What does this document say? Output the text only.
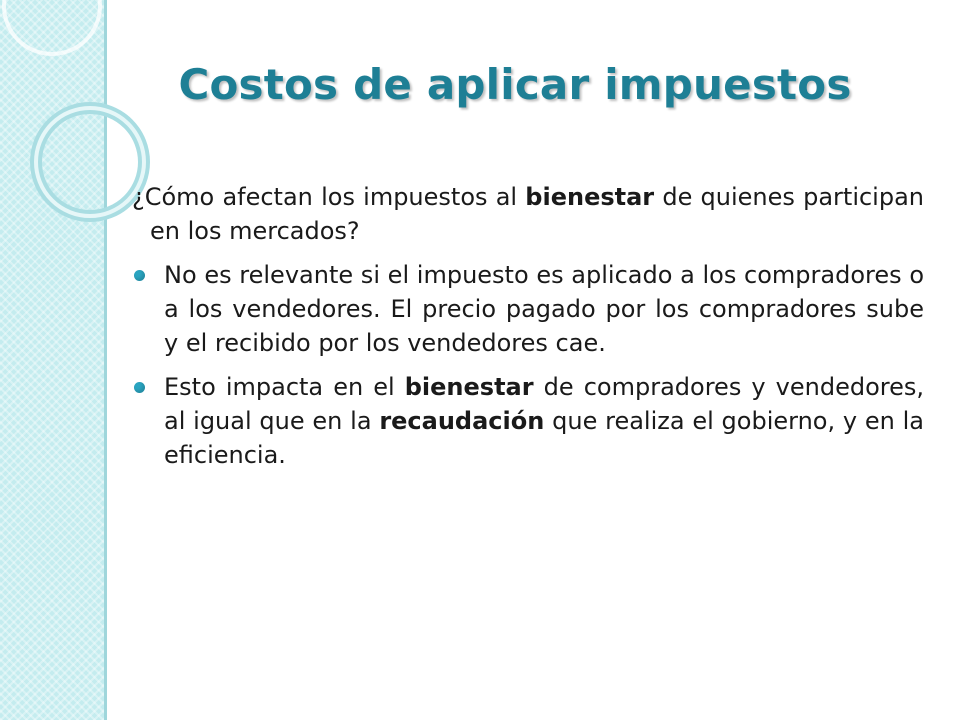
Costos de aplicar impuestos

¿Cómo afectan los impuestos al bienestar de quienes participan en los mercados?

No es relevante si el impuesto es aplicado a los compradores o a los vendedores. El precio pagado por los compradores sube y el recibido por los vendedores cae.
Esto impacta en el bienestar de compradores y vendedores, al igual que en la recaudación que realiza el gobierno, y en la eficiencia.
